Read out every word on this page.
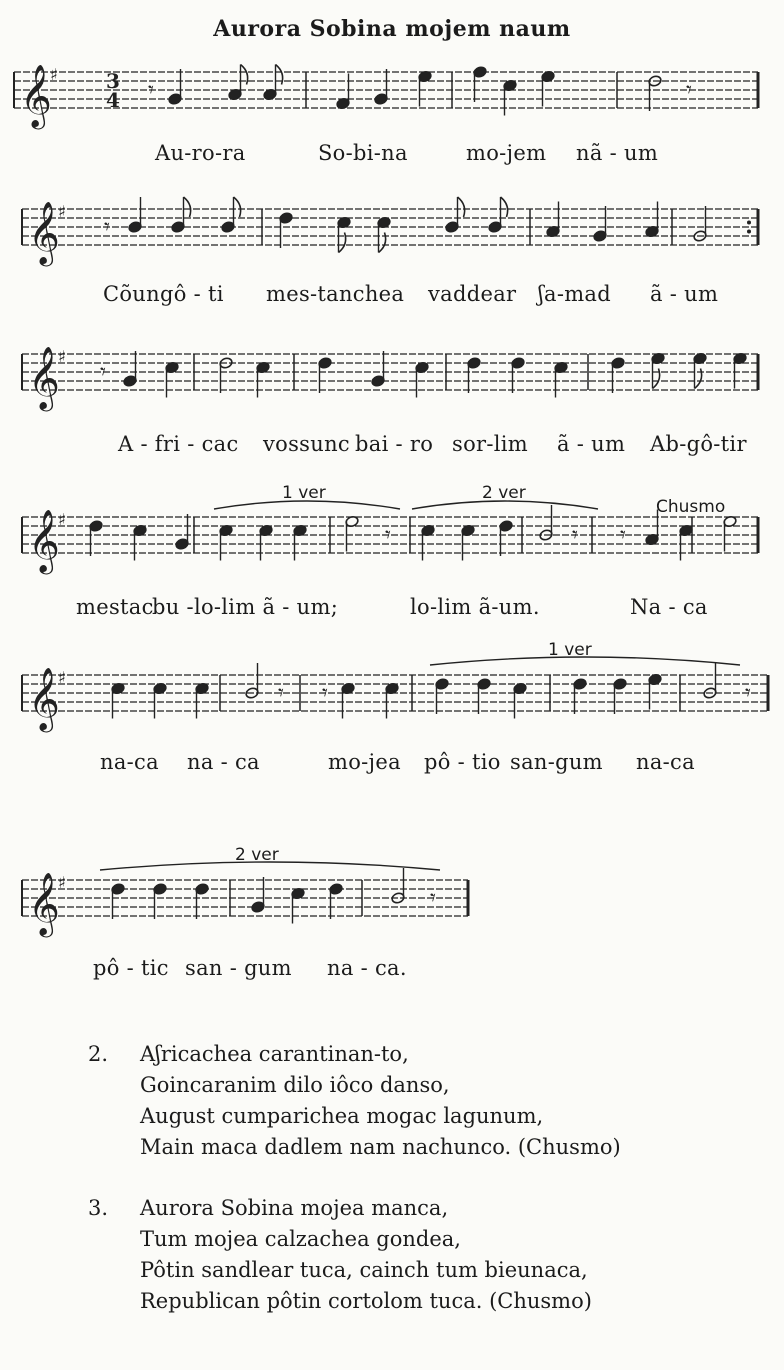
Aurora Sobina mojem naum
𝄞
♯ 3
4 𝄾	𝄾
𝄞
♯
𝄾
𝄞
♯
𝄾
𝄞
♯
𝄾	𝄾 𝄾
𝄞
♯
𝄾 𝄾	𝄾
𝄞
♯
𝄾
1 ver	2 ver
Chusmo
1 ver
2 ver
Au-ro-ra	So-bi-na	mo-jem nã - um
Cõungô - ti mes-tanchea vaddear ʃa-mad ã - um
A - fri - cac vossunc bai - ro sor-lim ã - um Ab-gô-tir
mestac
bu -lo-lim ã - um;	lo-lim ã-um.	Na - ca
na-ca na - ca	mo-jea pô - tio san-gum na-ca
pô - tic san - gum na - ca.
2. Aʃricachea carantinan-to,
Goincaranim dilo iôco danso,
August cumparichea mogac lagunum,
Main maca dadlem nam nachunco. (Chusmo)
3. Aurora Sobina mojea manca,
Tum mojea calzachea gondea,
Pôtin sandlear tuca, cainch tum bieunaca,
Republican pôtin cortolom tuca. (Chusmo)
